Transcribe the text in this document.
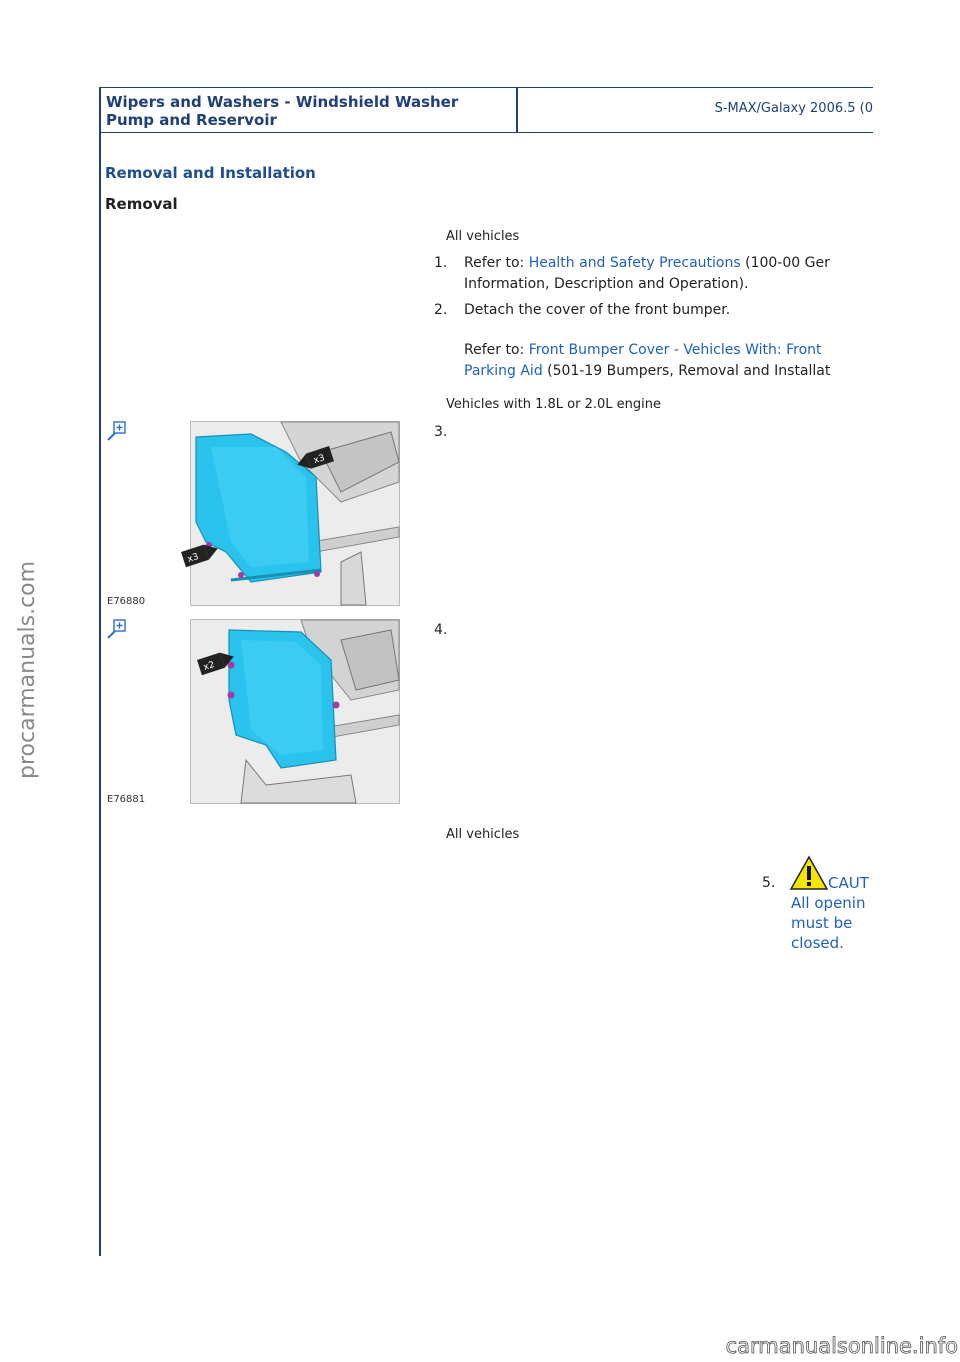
Wipers and Washers - Windshield Washer
Pump and Reservoir
S-MAX/Galaxy 2006.5 (0
Removal and Installation
Removal
All vehicles
1. Refer to: Health and Safety Precautions (100-00 Ger
Information, Description and Operation).
2. Detach the cover of the front bumper.
Refer to: Front Bumper Cover - Vehicles With: Front
Parking Aid (501-19 Bumpers, Removal and Installat
Vehicles with 1.8L or 2.0L engine
x3
x3
E76880
3.
x2
E76881
4.
All vehicles
5.	CAUT
All openin
must be
closed.
procarmanuals.com
carmanualsonline.info
